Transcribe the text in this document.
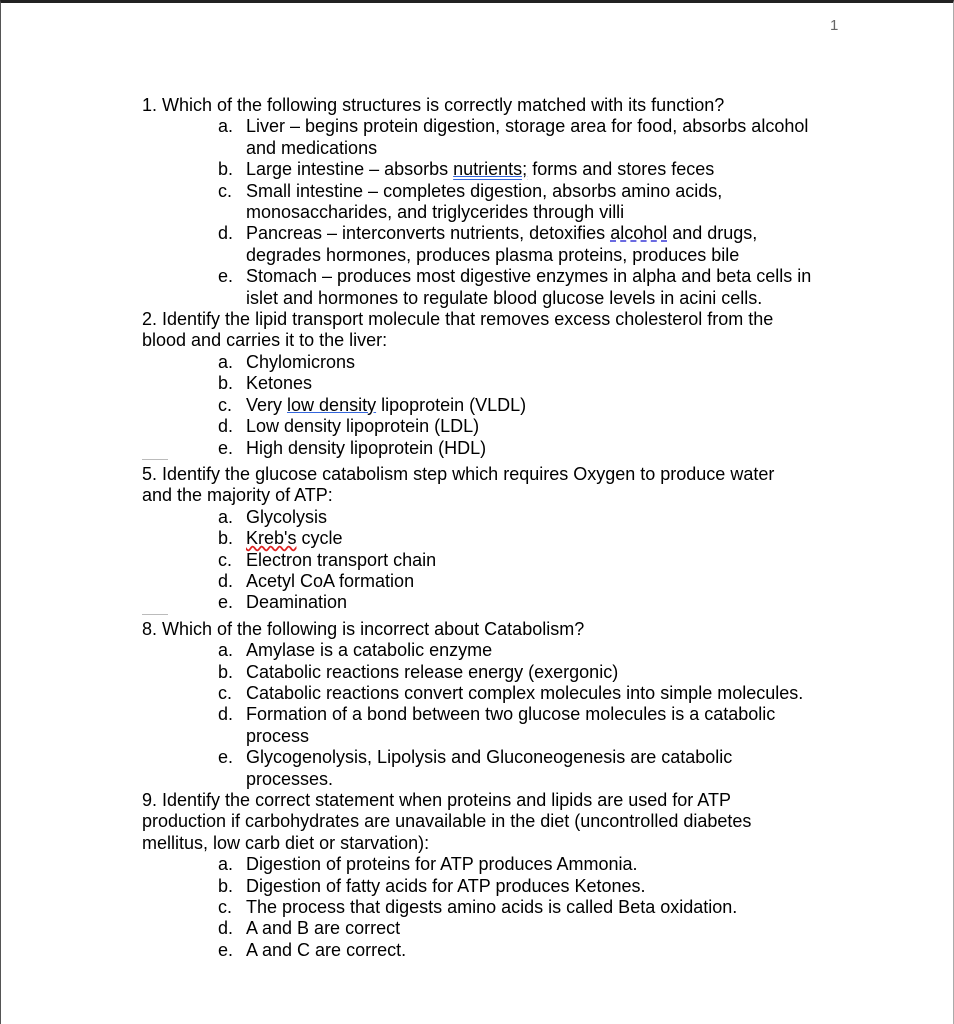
1
1. Which of the following structures is correctly matched with its function?
a. Liver – begins protein digestion, storage area for food, absorbs alcohol
and medications
b. Large intestine – absorbs nutrients; forms and stores feces
c. Small intestine – completes digestion, absorbs amino acids,
monosaccharides, and triglycerides through villi
d. Pancreas – interconverts nutrients, detoxifies alcohol and drugs,
degrades hormones, produces plasma proteins, produces bile
e. Stomach – produces most digestive enzymes in alpha and beta cells in
islet and hormones to regulate blood glucose levels in acini cells.
2. Identify the lipid transport molecule that removes excess cholesterol from the
blood and carries it to the liver:
a. Chylomicrons
b. Ketones
c. Very low density lipoprotein (VLDL)
d. Low density lipoprotein (LDL)
e. High density lipoprotein (HDL)
5. Identify the glucose catabolism step which requires Oxygen to produce water
and the majority of ATP:
a. Glycolysis
b. Kreb's cycle
c. Electron transport chain
d. Acetyl CoA formation
e. Deamination
8. Which of the following is incorrect about Catabolism?
a. Amylase is a catabolic enzyme
b. Catabolic reactions release energy (exergonic)
c. Catabolic reactions convert complex molecules into simple molecules.
d. Formation of a bond between two glucose molecules is a catabolic
process
e. Glycogenolysis, Lipolysis and Gluconeogenesis are catabolic
processes.
9. Identify the correct statement when proteins and lipids are used for ATP
production if carbohydrates are unavailable in the diet (uncontrolled diabetes
mellitus, low carb diet or starvation):
a. Digestion of proteins for ATP produces Ammonia.
b. Digestion of fatty acids for ATP produces Ketones.
c. The process that digests amino acids is called Beta oxidation.
d. A and B are correct
e. A and C are correct.
